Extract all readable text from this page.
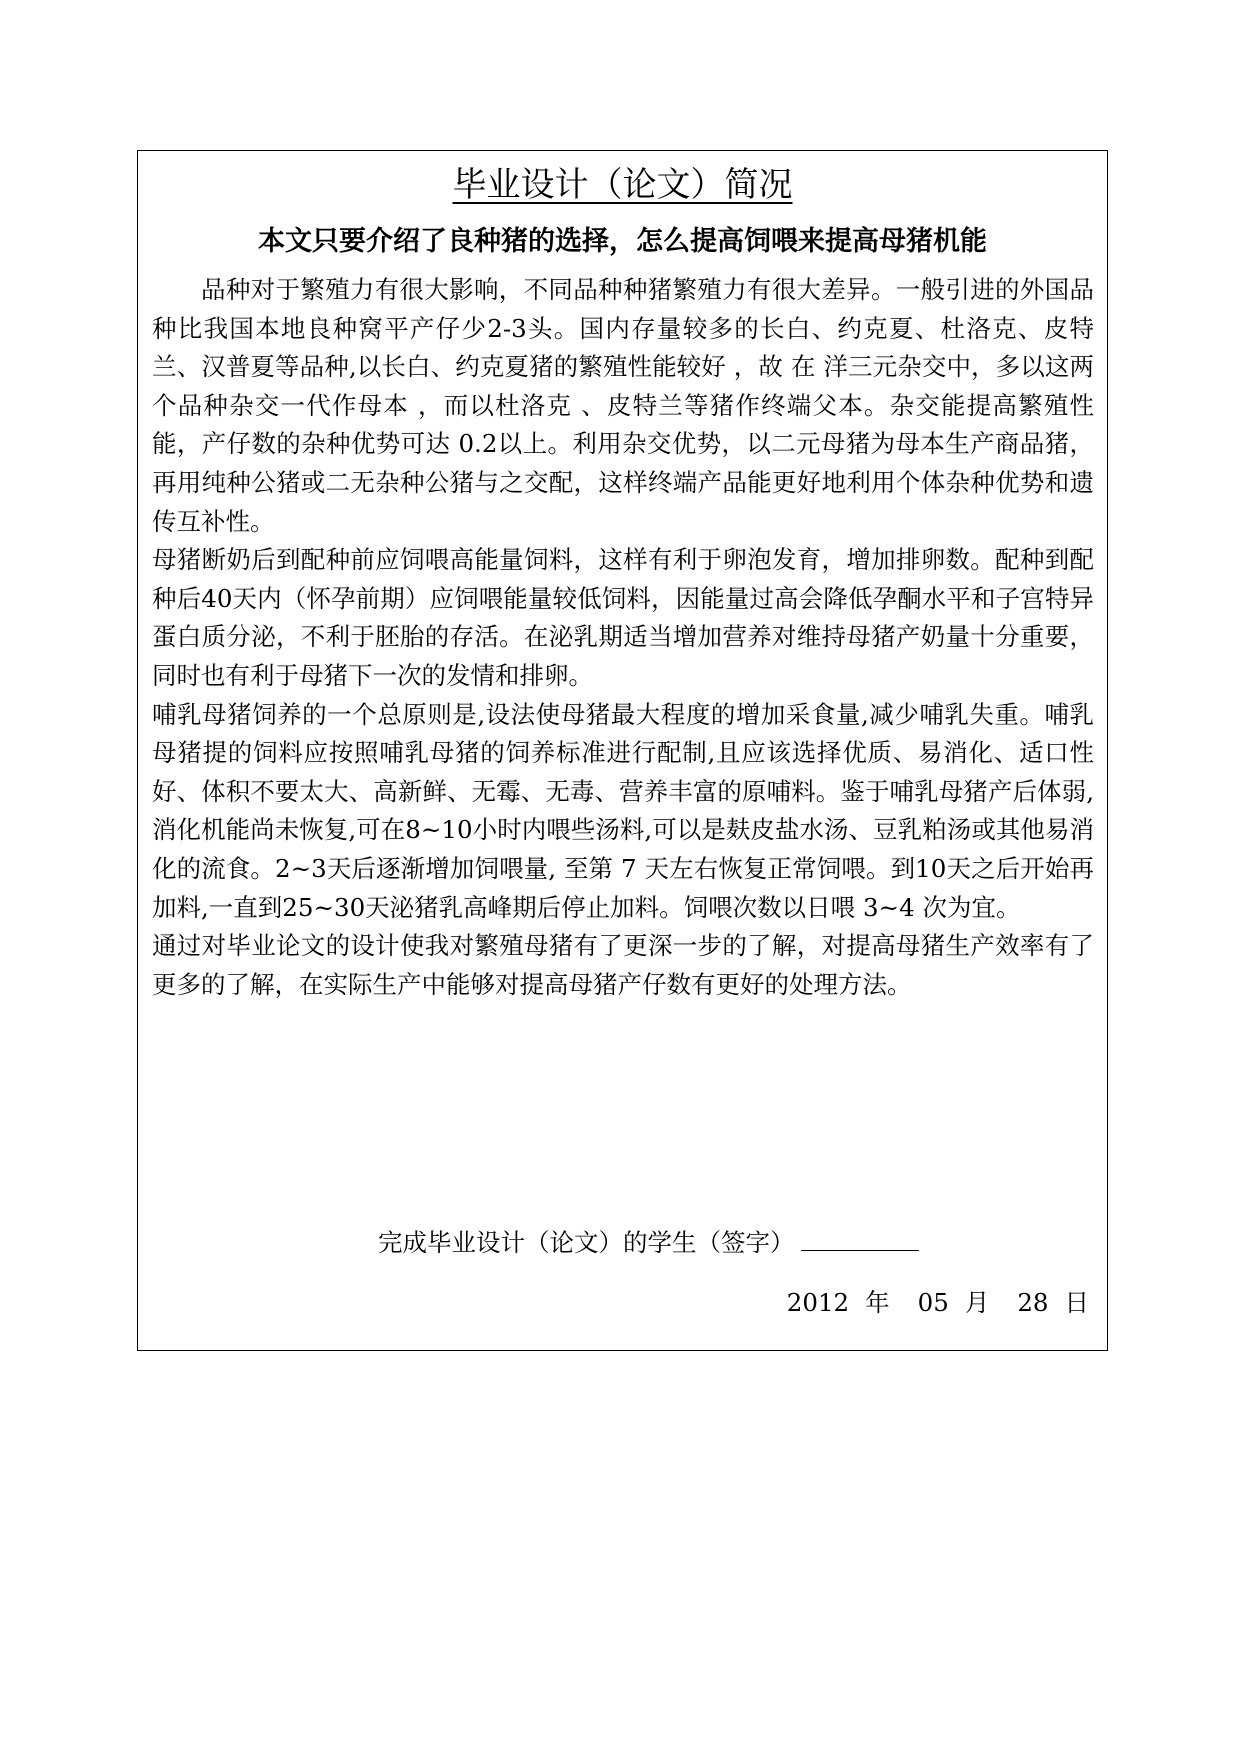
毕业设计（论文）简况
本文只要介绍了良种猪的选择，怎么提高饲喂来提高母猪机能

品种对于繁殖力有很大影响，不同品种种猪繁殖力有很大差异。一般引进的外国品种比我国本地良种窝平产仔少2-3头。国内存量较多的长白、约克夏、杜洛克、皮特兰、汉普夏等品种,以长白、约克夏猪的繁殖性能较好 ，故 在 洋三元杂交中，多以这两个品种杂交一代作母本 ，而以杜洛克 、皮特兰等猪作终端父本。杂交能提高繁殖性能，产仔数的杂种优势可达 0.2以上。利用杂交优势，以二元母猪为母本生产商品猪，再用纯种公猪或二无杂种公猪与之交配，这样终端产品能更好地利用个体杂种优势和遗传互补性。

母猪断奶后到配种前应饲喂高能量饲料，这样有利于卵泡发育，增加排卵数。配种到配种后40天内（怀孕前期）应饲喂能量较低饲料，因能量过高会降低孕酮水平和子宫特异蛋白质分泌，不利于胚胎的存活。在泌乳期适当增加营养对维持母猪产奶量十分重要，同时也有利于母猪下一次的发情和排卵。

哺乳母猪饲养的一个总原则是,设法使母猪最大程度的增加采食量,减少哺乳失重。哺乳母猪提的饲料应按照哺乳母猪的饲养标准进行配制,且应该选择优质、易消化、适口性好、体积不要太大、高新鲜、无霉、无毒、营养丰富的原哺料。鉴于哺乳母猪产后体弱, 消化机能尚未恢复,可在8~10小时内喂些汤料,可以是麸皮盐水汤、豆乳粕汤或其他易消化的流食。2~3天后逐渐增加饲喂量, 至第 7 天左右恢复正常饲喂。到10天之后开始再加料,一直到25~30天泌猪乳高峰期后停止加料。饲喂次数以日喂 3~4 次为宜。

通过对毕业论文的设计使我对繁殖母猪有了更深一步的了解，对提高母猪生产效率有了更多的了解，在实际生产中能够对提高母猪产仔数有更好的处理方法。

完成毕业设计（论文）的学生（签字）
2012 年 05 月 28 日
